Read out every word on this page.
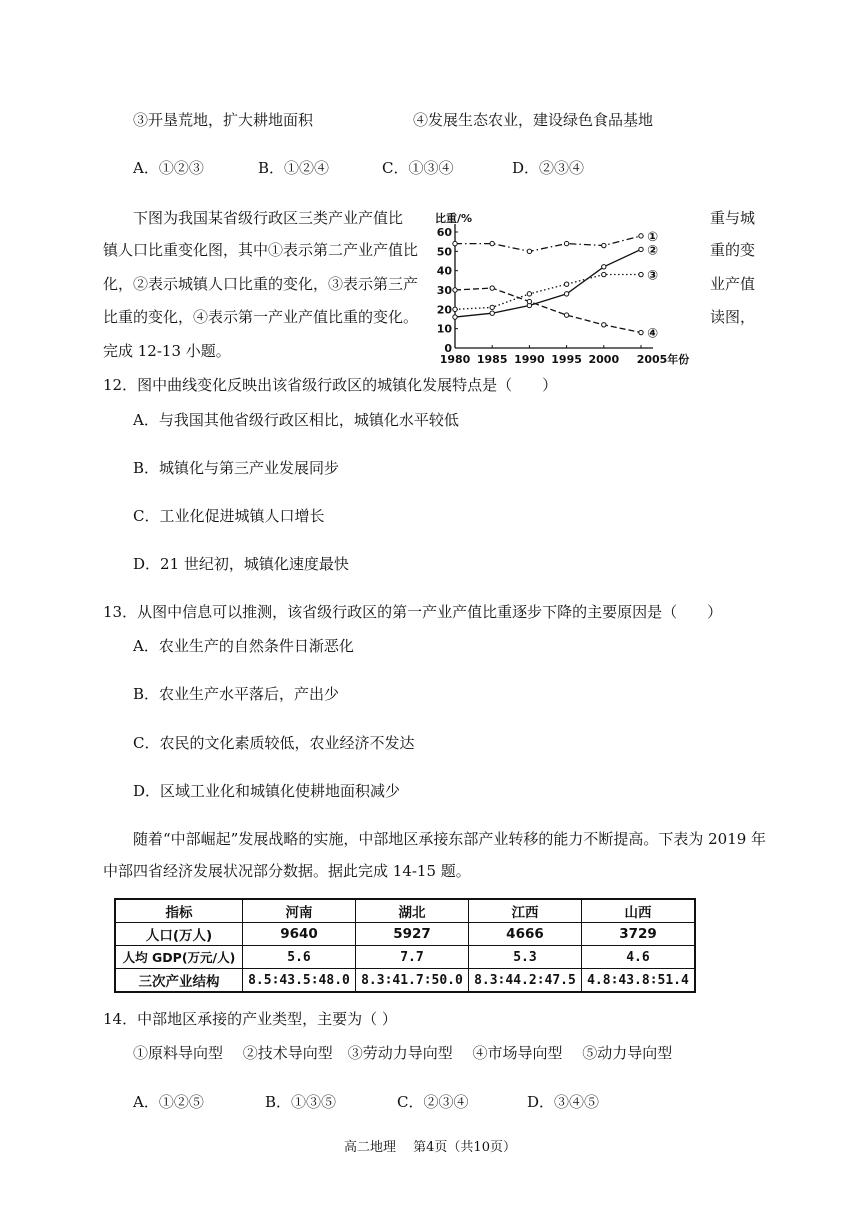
③开垦荒地，扩大耕地面积	④发展生态农业，建设绿色食品基地
A．①②③	B．①②④	C．①③④	D．②③④
下图为我国某省级行政区三类产业产值比	重与城
镇人口比重变化图，其中①表示第二产业产值比	重的变
化，②表示城镇人口比重的变化，③表示第三产	业产值
比重的变化，④表示第一产业产值比重的变化。	读图，
完成 12-13 小题。	0
10
20
30
40
50
60
比重/%
1980 1985 1990 1995 2000 2005年份
①
②
③
④
12．图中曲线变化反映出该省级行政区的城镇化发展特点是（　　）
A．与我国其他省级行政区相比，城镇化水平较低
B．城镇化与第三产业发展同步
C．工业化促进城镇人口增长
D．21 世纪初，城镇化速度最快
13．从图中信息可以推测，该省级行政区的第一产业产值比重逐步下降的主要原因是（　　）
A．农业生产的自然条件日渐恶化
B．农业生产水平落后，产出少
C．农民的文化素质较低，农业经济不发达
D．区域工业化和城镇化使耕地面积减少
随着“中部崛起”发展战略的实施，中部地区承接东部产业转移的能力不断提高。下表为 2019 年
中部四省经济发展状况部分数据。据此完成 14-15 题。
指标	河南	湖北	江西	山西
人口(万人)	9640	5927	4666	3729
人均 GDP(万元/人)	5.6	7.7	5.3	4.6
三次产业结构	8.5∶43.5∶48.0	8.3∶41.7∶50.0	8.3∶44.2∶47.5	4.8∶43.8∶51.4
14．中部地区承接的产业类型，主要为（ ）
①原料导向型　 ②技术导向型　③劳动力导向型　 ④市场导向型　 ⑤动力导向型
A．①②⑤	B．①③⑤	C．②③④	D．③④⑤
高二地理　 第4页（共10页）
